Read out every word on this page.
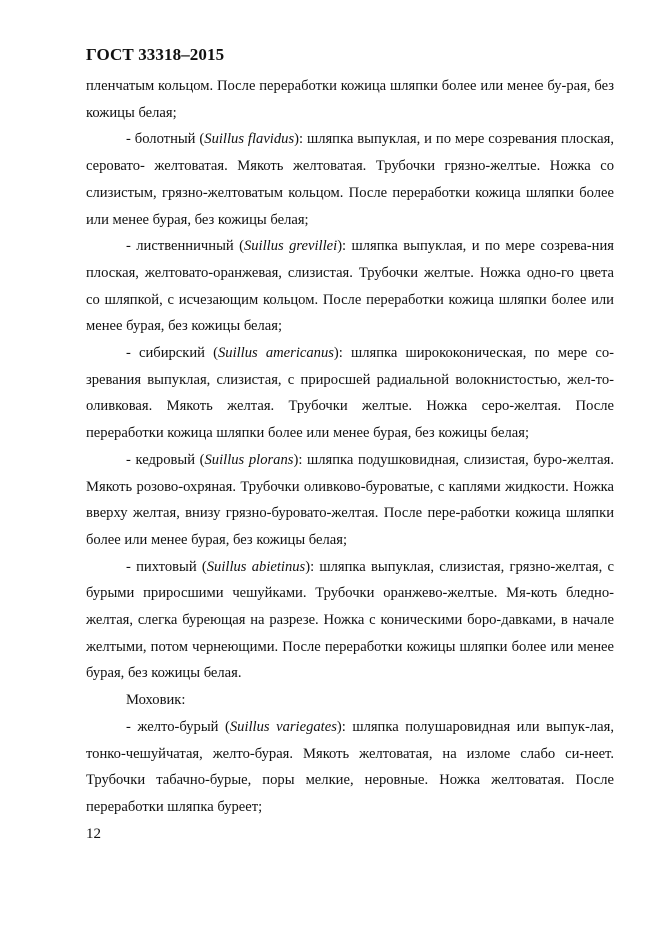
ГОСТ 33318–2015

пленчатым кольцом. После переработки кожица шляпки более или менее бу-рая, без кожицы белая;

- болотный (Suillus flavidus): шляпка выпуклая, и по мере созревания плоская, серовато- желтоватая. Мякоть желтоватая. Трубочки грязно-желтые. Ножка со слизистым, грязно-желтоватым кольцом. После переработки кожица шляпки более или менее бурая, без кожицы белая;

- лиственничный (Suillus grevillei): шляпка выпуклая, и по мере созрева-ния плоская, желтовато-оранжевая, слизистая. Трубочки желтые. Ножка одно-го цвета со шляпкой, с исчезающим кольцом. После переработки кожица шляпки более или менее бурая, без кожицы белая;

- сибирский (Suillus americanus): шляпка ширококоническая, по мере со-зревания выпуклая, слизистая, с приросшей радиальной волокнистостью, жел-то-оливковая. Мякоть желтая. Трубочки желтые. Ножка серо-желтая. После переработки кожица шляпки более или менее бурая, без кожицы белая;

- кедровый (Suillus plorans): шляпка подушковидная, слизистая, буро-желтая. Мякоть розово-охряная. Трубочки оливково-буроватые, с каплями жидкости. Ножка вверху желтая, внизу грязно-буровато-желтая. После пере-работки кожица шляпки более или менее бурая, без кожицы белая;

- пихтовый (Suillus abietinus): шляпка выпуклая, слизистая, грязно-желтая, с бурыми приросшими чешуйками. Трубочки оранжево-желтые. Мя-коть бледно-желтая, слегка буреющая на разрезе. Ножка с коническими боро-давками, в начале желтыми, потом чернеющими. После переработки кожицы шляпки более или менее бурая, без кожицы белая.

Моховик:

- желто-бурый (Suillus variegates): шляпка полушаровидная или выпук-лая, тонко-чешуйчатая, желто-бурая. Мякоть желтоватая, на изломе слабо си-неет. Трубочки табачно-бурые, поры мелкие, неровные. Ножка желтоватая. После переработки шляпка буреет;

12
